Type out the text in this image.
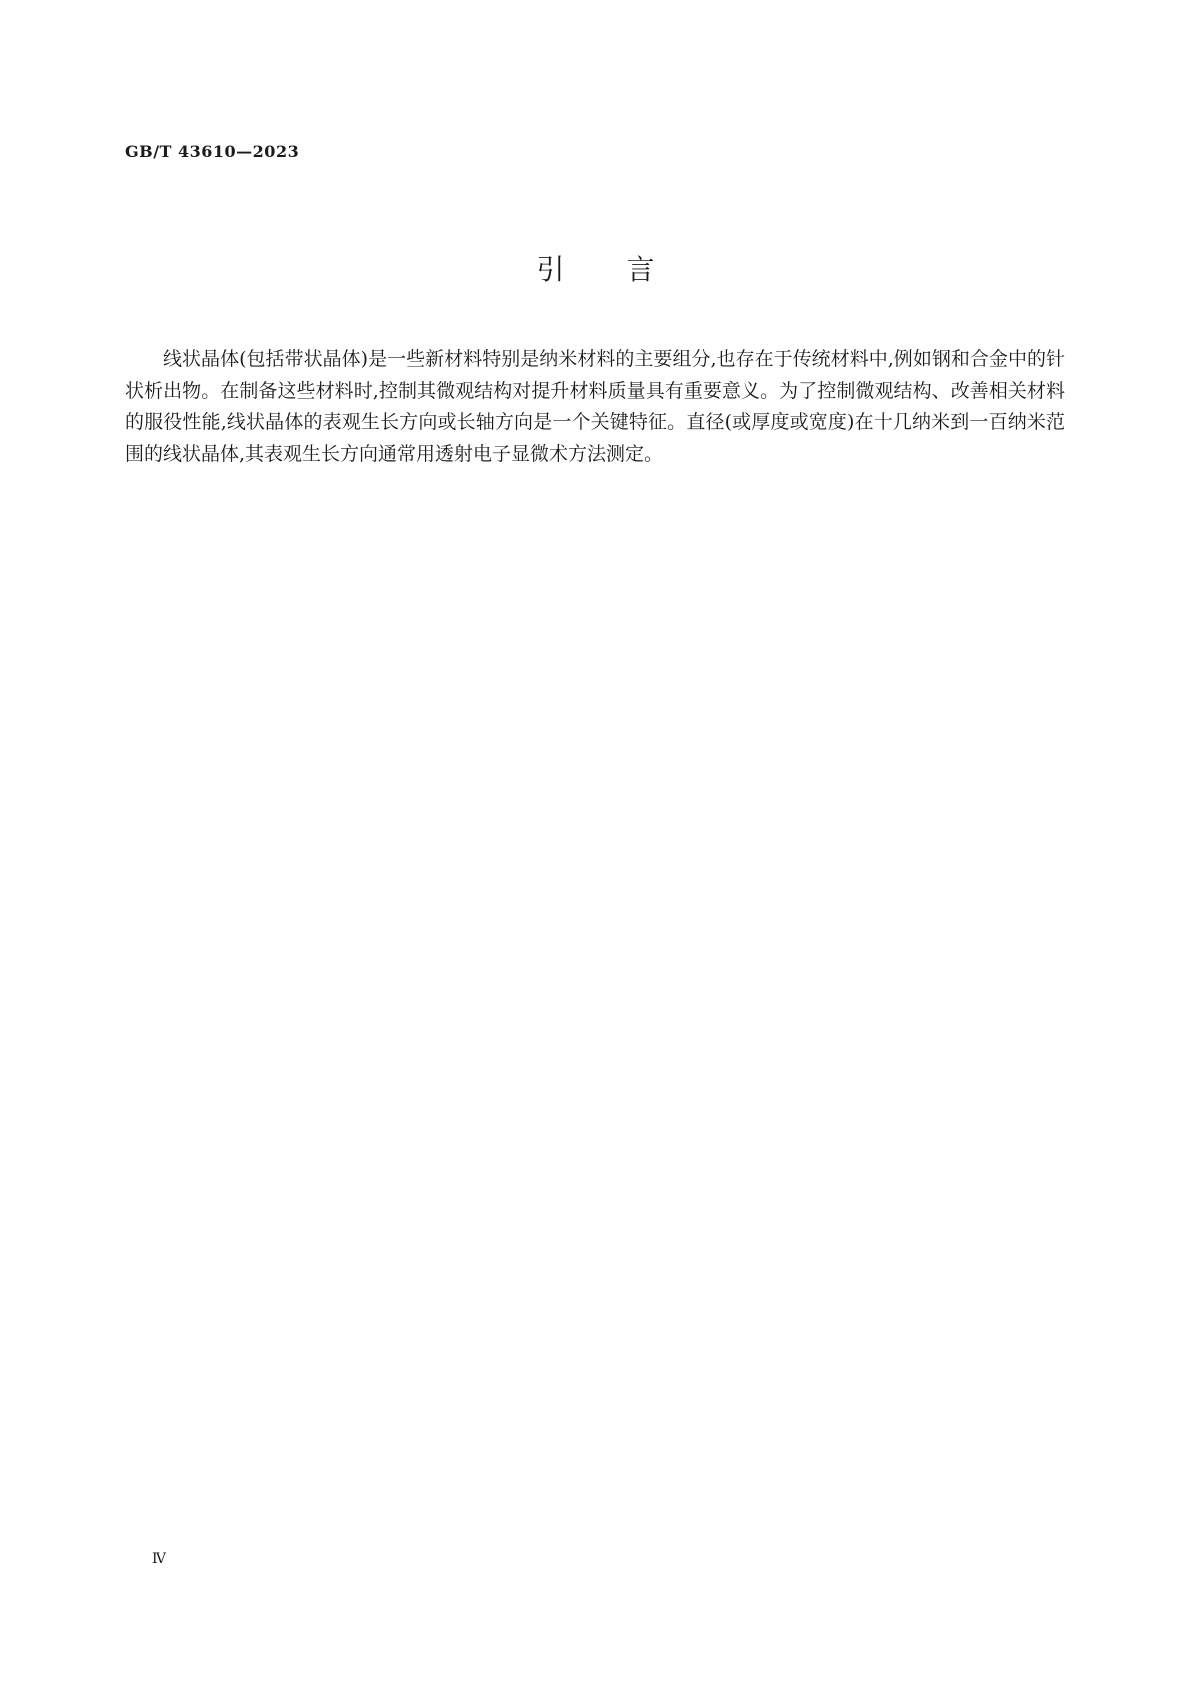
GB/T 43610—2023
引言

线状晶体(包括带状晶体)是一些新材料特别是纳米材料的主要组分,也存在于传统材料中,例如钢和合金中的针状析出物。在制备这些材料时,控制其微观结构对提升材料质量具有重要意义。为了控制微观结构、改善相关材料的服役性能,线状晶体的表观生长方向或长轴方向是一个关键特征。直径(或厚度或宽度)在十几纳米到一百纳米范围的线状晶体,其表观生长方向通常用透射电子显微术方法测定。

Ⅳ
